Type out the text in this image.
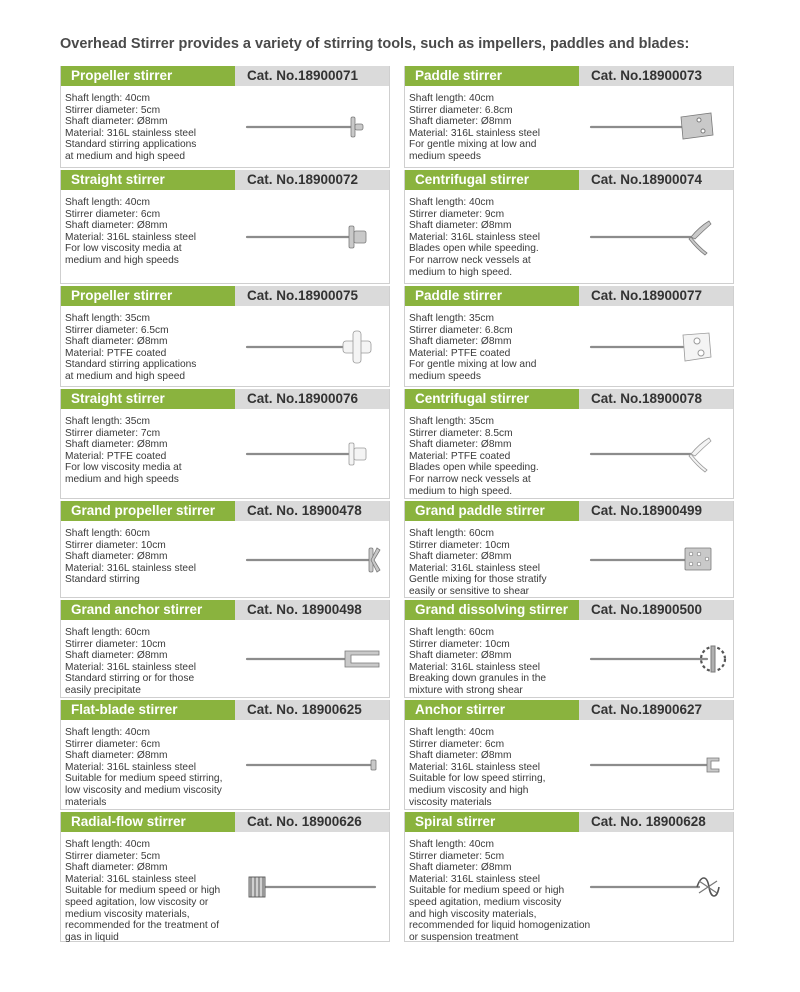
Overhead Stirrer provides a variety of stirring tools, such as impellers, paddles and blades:
Propeller stirrer	Cat. No.18900071
Shaft length: 40cm
Stirrer diameter: 5cm
Shaft diameter: Ø8mm
Material: 316L stainless steel
Standard stirring applications
at medium and high speed
Paddle stirrer	Cat. No.18900073
Shaft length: 40cm
Stirrer diameter: 6.8cm
Shaft diameter: Ø8mm
Material: 316L stainless steel
For gentle mixing at low and
medium speeds
Straight stirrer	Cat. No.18900072
Shaft length: 40cm
Stirrer diameter: 6cm
Shaft diameter: Ø8mm
Material: 316L stainless steel
For low viscosity media at
medium and high speeds
Centrifugal stirrer	Cat. No.18900074
Shaft length: 40cm
Stirrer diameter: 9cm
Shaft diameter: Ø8mm
Material: 316L stainless steel
Blades open while speeding.
For narrow neck vessels at
medium to high speed.
Propeller stirrer	Cat. No.18900075
Shaft length: 35cm
Stirrer diameter: 6.5cm
Shaft diameter: Ø8mm
Material: PTFE coated
Standard stirring applications
at medium and high speed
Paddle stirrer	Cat. No.18900077
Shaft length: 35cm
Stirrer diameter: 6.8cm
Shaft diameter: Ø8mm
Material: PTFE coated
For gentle mixing at low and
medium speeds
Straight stirrer	Cat. No.18900076
Shaft length: 35cm
Stirrer diameter: 7cm
Shaft diameter: Ø8mm
Material: PTFE coated
For low viscosity media at
medium and high speeds
Centrifugal stirrer	Cat. No.18900078
Shaft length: 35cm
Stirrer diameter: 8.5cm
Shaft diameter: Ø8mm
Material: PTFE coated
Blades open while speeding.
For narrow neck vessels at
medium to high speed.
Grand propeller stirrer	Cat. No. 18900478
Shaft length: 60cm
Stirrer diameter: 10cm
Shaft diameter: Ø8mm
Material: 316L stainless steel
Standard stirring
Grand paddle stirrer	Cat. No.18900499
Shaft length: 60cm
Stirrer diameter: 10cm
Shaft diameter: Ø8mm
Material: 316L stainless steel
Gentle mixing for those stratify
easily or sensitive to shear
Grand anchor stirrer	Cat. No. 18900498
Shaft length: 60cm
Stirrer diameter: 10cm
Shaft diameter: Ø8mm
Material: 316L stainless steel
Standard stirring or for those
easily precipitate
Grand dissolving stirrer	Cat. No.18900500
Shaft length: 60cm
Stirrer diameter: 10cm
Shaft diameter: Ø8mm
Material: 316L stainless steel
Breaking down granules in the
mixture with strong shear
Flat-blade stirrer	Cat. No. 18900625
Shaft length: 40cm
Stirrer diameter: 6cm
Shaft diameter: Ø8mm
Material: 316L stainless steel
Suitable for medium speed stirring,
low viscosity and medium viscosity
materials
Anchor stirrer	Cat. No.18900627
Shaft length: 40cm
Stirrer diameter: 6cm
Shaft diameter: Ø8mm
Material: 316L stainless steel
Suitable for low speed stirring,
medium viscosity and high
viscosity materials
Radial-flow stirrer	Cat. No. 18900626
Shaft length: 40cm
Stirrer diameter: 5cm
Shaft diameter: Ø8mm
Material: 316L stainless steel
Suitable for medium speed or high
speed agitation, low viscosity or
medium viscosity materials,
recommended for the treatment of
gas in liquid
Spiral stirrer	Cat. No. 18900628
Shaft length: 40cm
Stirrer diameter: 5cm
Shaft diameter: Ø8mm
Material: 316L stainless steel
Suitable for medium speed or high
speed agitation, medium viscosity
and high viscosity materials,
recommended for liquid homogenization
or suspension treatment
